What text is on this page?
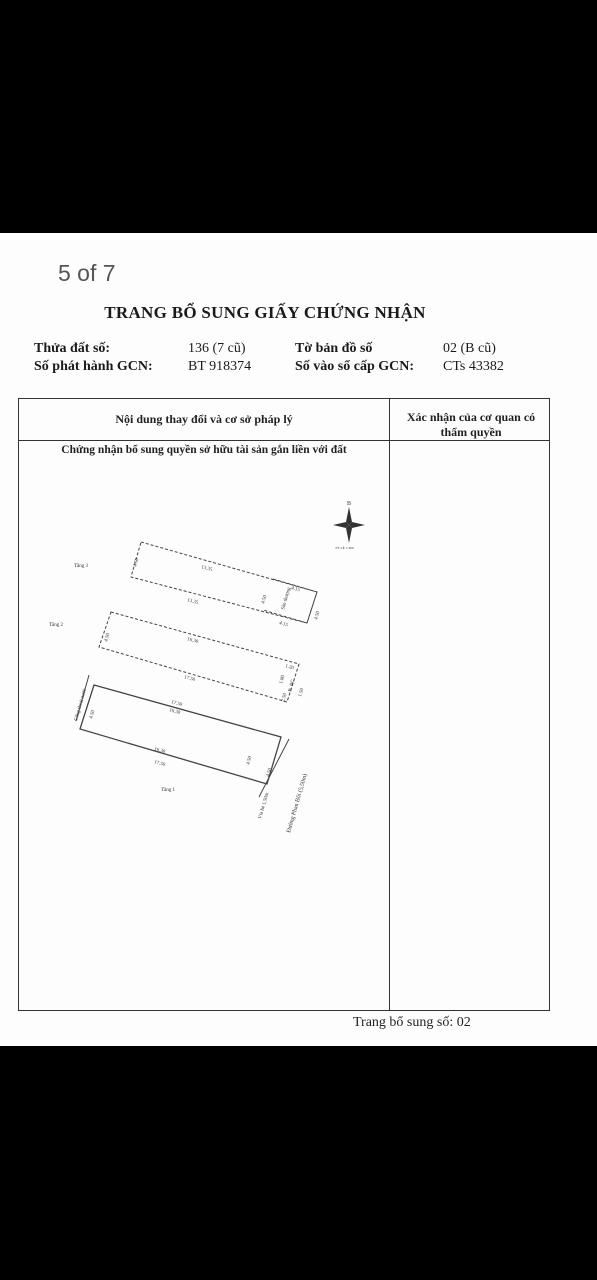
5 of 7
TRANG BỔ SUNG GIẤY CHỨNG NHẬN
Thửa đất số:	136 (7 cũ)	Tờ bản đồ số	02 (B cũ)
Số phát hành GCN:	BT 918374	Số vào sổ cấp GCN: CTs 43382
Nội dung thay đổi và cơ sở pháp lý	Xác nhận của cơ quan có
thẩm quyền
Chứng nhận bổ sung quyền sở hữu tài sản gắn liền với đất
B
TỶ LỆ 1:300
Tầng 3	13.35
13.35
4.50
4.50
4.50
4.15
4.15
Sân thượng
Tầng 2
16.30
17.50
4.50
1.20
1.80
2.50
B. BC
1.50
Cống thoát nước 4.50
17.50
16.30
16.30
17.50	4.50
4.50
Tầng 1
Vỉa hè 1,50m	Đường Phan Bôi (5,50m)
Trang bổ sung số: 02
